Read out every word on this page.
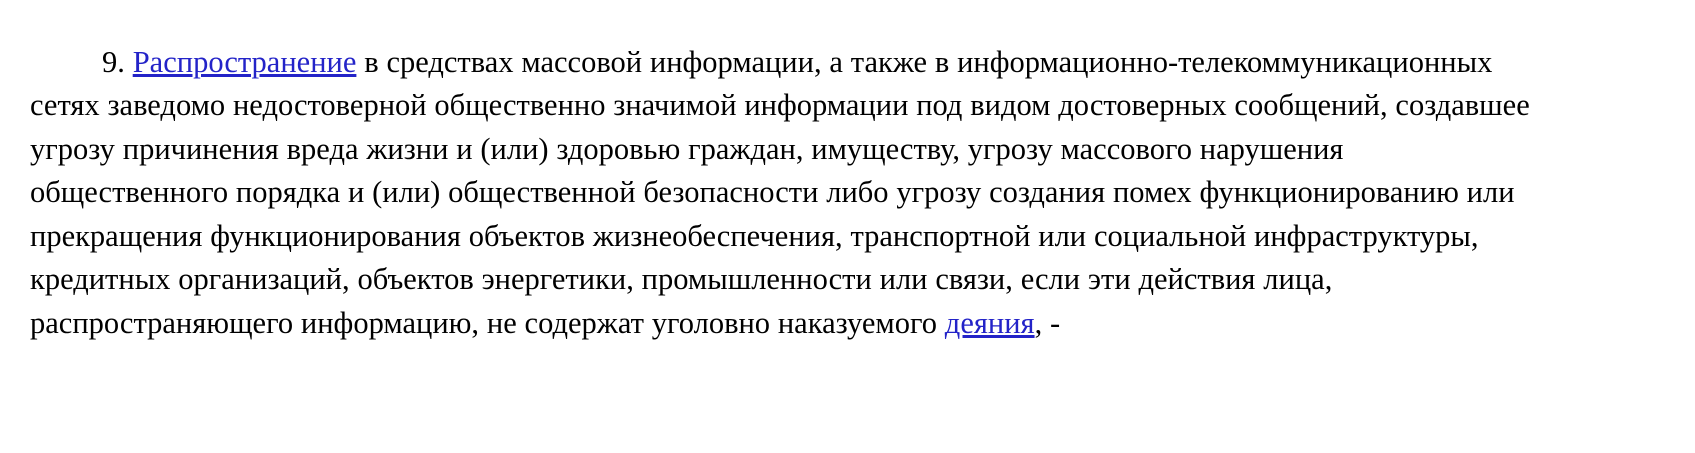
9. Распространение в средствах массовой информации, а также в информационно-телекоммуникационных сетях заведомо недостоверной общественно значимой информации под видом достоверных сообщений, создавшее угрозу причинения вреда жизни и (или) здоровью граждан, имуществу, угрозу массового нарушения общественного порядка и (или) общественной безопасности либо угрозу создания помех функционированию или прекращения функционирования объектов жизнеобеспечения, транспортной или социальной инфраструктуры, кредитных организаций, объектов энергетики, промышленности или связи, если эти действия лица, распространяющего информацию, не содержат уголовно наказуемого деяния, -
